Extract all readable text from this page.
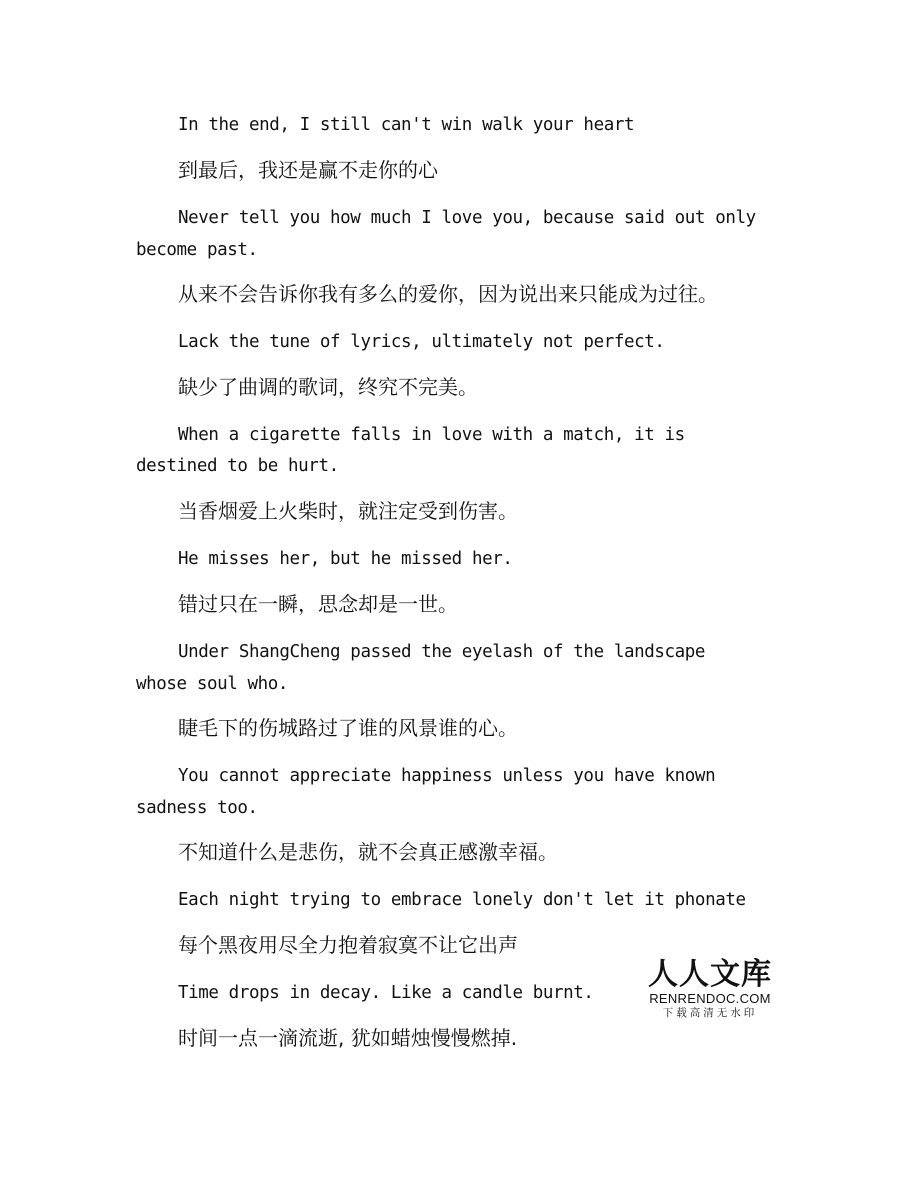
In the end, I still can't win walk your heart

到最后，我还是赢不走你的心

Never tell you how much I love you, because said out only

become past.

从来不会告诉你我有多么的爱你，因为说出来只能成为过往。

Lack the tune of lyrics, ultimately not perfect.

缺少了曲调的歌词，终究不完美。

When a cigarette falls in love with a match, it is

destined to be hurt.

当香烟爱上火柴时，就注定受到伤害。

He misses her, but he missed her.

错过只在一瞬，思念却是一世。

Under ShangCheng passed the eyelash of the landscape

whose soul who.

睫毛下的伤城路过了谁的风景谁的心。

You cannot appreciate happiness unless you have known

sadness too.

不知道什么是悲伤，就不会真正感激幸福。

Each night trying to embrace lonely don't let it phonate

每个黑夜用尽全力抱着寂寞不让它出声

Time drops in decay. Like a candle burnt.

时间一点一滴流逝, 犹如蜡烛慢慢燃掉.

人人文库
RENRENDOC.COM
下载高清无水印
